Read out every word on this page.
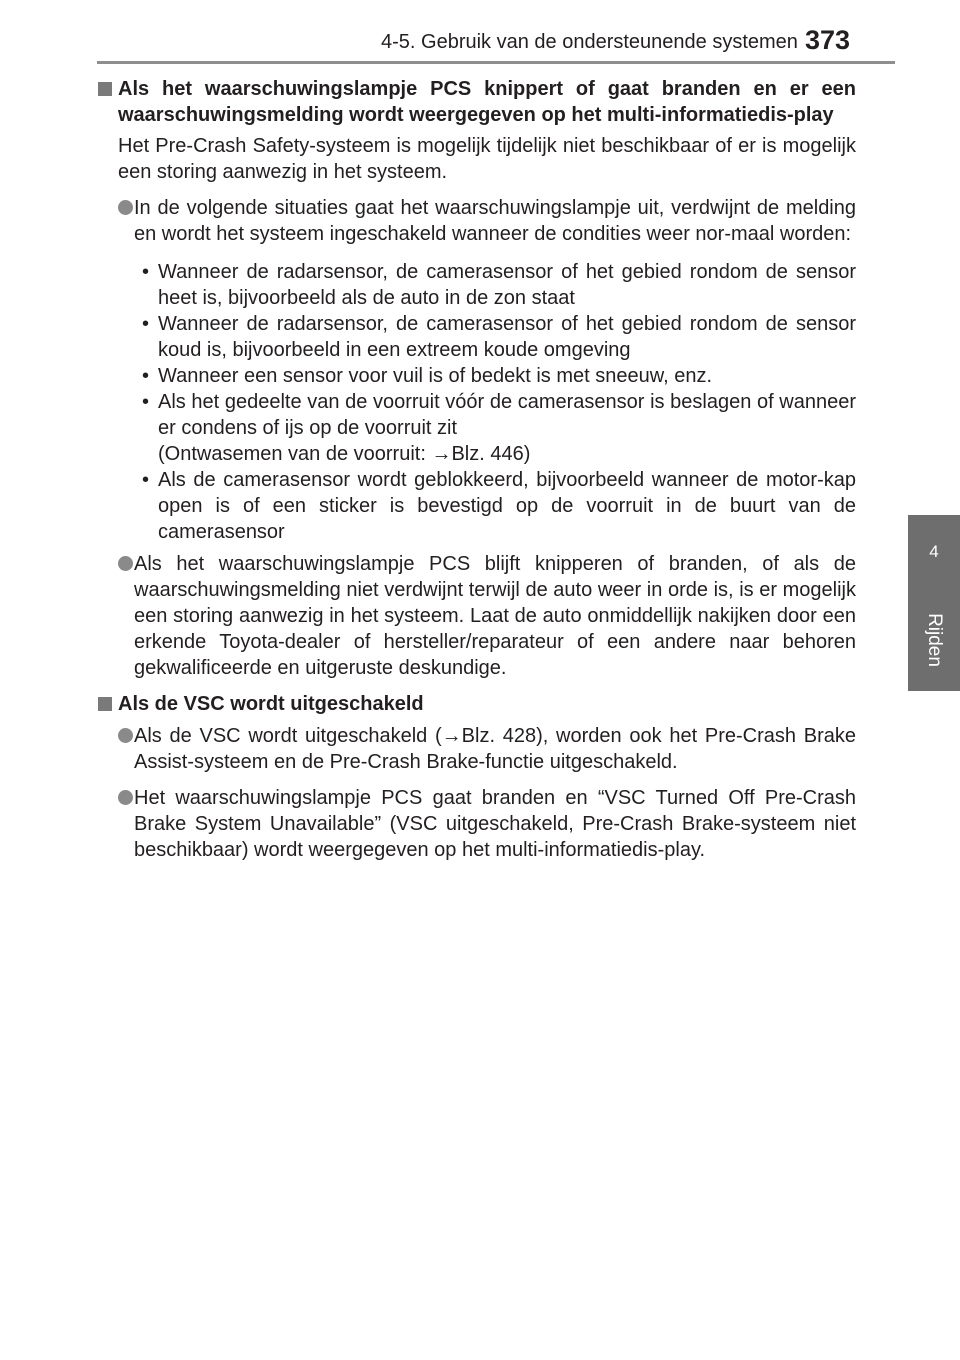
4-5. Gebruik van de ondersteunende systemen 373
4
Rijden

Als het waarschuwingslampje PCS knippert of gaat branden en er een waarschuwingsmelding wordt weergegeven op het multi-informatiedis-play

Het Pre-Crash Safety-systeem is mogelijk tijdelijk niet beschikbaar of er is mogelijk een storing aanwezig in het systeem.

In de volgende situaties gaat het waarschuwingslampje uit, verdwijnt de melding en wordt het systeem ingeschakeld wanneer de condities weer nor-maal worden:
• Wanneer de radarsensor, de camerasensor of het gebied rondom de sensor heet is, bijvoorbeeld als de auto in de zon staat
• Wanneer de radarsensor, de camerasensor of het gebied rondom de sensor koud is, bijvoorbeeld in een extreem koude omgeving
• Wanneer een sensor voor vuil is of bedekt is met sneeuw, enz.
• Als het gedeelte van de voorruit vóór de camerasensor is beslagen of wanneer er condens of ijs op de voorruit zit
(Ontwasemen van de voorruit: →Blz. 446)
• Als de camerasensor wordt geblokkeerd, bijvoorbeeld wanneer de motor-kap open is of een sticker is bevestigd op de voorruit in de buurt van de camerasensor
Als het waarschuwingslampje PCS blijft knipperen of branden, of als de waarschuwingsmelding niet verdwijnt terwijl de auto weer in orde is, is er mogelijk een storing aanwezig in het systeem. Laat de auto onmiddellijk nakijken door een erkende Toyota-dealer of hersteller/reparateur of een andere naar behoren gekwalificeerde en uitgeruste deskundige.

Als de VSC wordt uitgeschakeld

Als de VSC wordt uitgeschakeld (→Blz. 428), worden ook het Pre-Crash Brake Assist-systeem en de Pre-Crash Brake-functie uitgeschakeld.
Het waarschuwingslampje PCS gaat branden en “VSC Turned Off Pre-Crash Brake System Unavailable” (VSC uitgeschakeld, Pre-Crash Brake-systeem niet beschikbaar) wordt weergegeven op het multi-informatiedis-play.
